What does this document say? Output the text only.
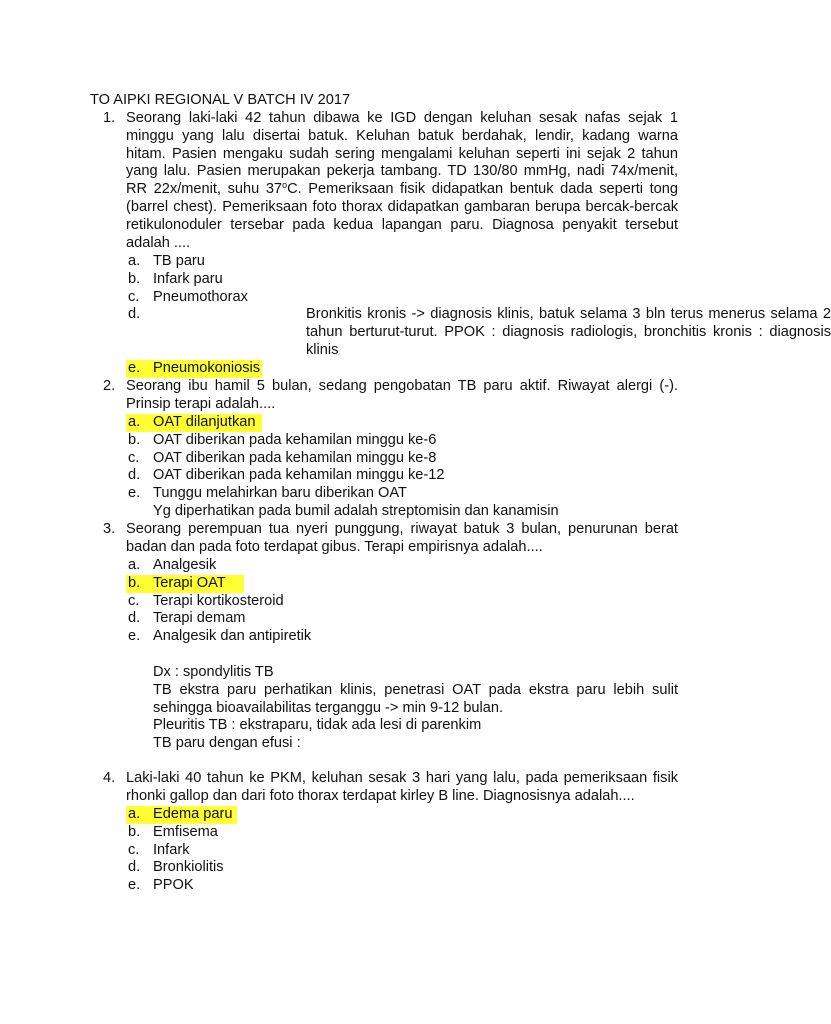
TO AIPKI REGIONAL V BATCH IV 2017
1. Seorang laki-laki 42 tahun dibawa ke IGD dengan keluhan sesak nafas sejak 1 minggu yang lalu disertai batuk. Keluhan batuk berdahak, lendir, kadang warna hitam. Pasien mengaku sudah sering mengalami keluhan seperti ini sejak 2 tahun yang lalu. Pasien merupakan pekerja tambang. TD 130/80 mmHg, nadi 74x/menit, RR 22x/menit, suhu 37$^o$C. Pemeriksaan fisik didapatkan bentuk dada seperti tong (barrel chest). Pemeriksaan foto thorax didapatkan gambaran berupa bercak-bercak retikulonoduler tersebar pada kedua lapangan paru. Diagnosa penyakit tersebut adalah ....
a. TB paru
b. Infark paru
c. Pneumothorax
d.	Bronkitis kronis -> diagnosis klinis, batuk selama 3 bln terus menerus selama 2 tahun berturut-turut. PPOK : diagnosis radiologis, bronchitis kronis : diagnosis klinis
e. Pneumokoniosis
2. Seorang ibu hamil 5 bulan, sedang pengobatan TB paru aktif. Riwayat alergi (-). Prinsip terapi adalah....
a. OAT dilanjutkan
b. OAT diberikan pada kehamilan minggu ke-6
c. OAT diberikan pada kehamilan minggu ke-8
d. OAT diberikan pada kehamilan minggu ke-12
e. Tunggu melahirkan baru diberikan OAT
Yg diperhatikan pada bumil adalah streptomisin dan kanamisin
3. Seorang perempuan tua nyeri punggung, riwayat batuk 3 bulan, penurunan berat badan dan pada foto terdapat gibus. Terapi empirisnya adalah....
a. Analgesik
b. Terapi OAT
c. Terapi kortikosteroid
d. Terapi demam
e. Analgesik dan antipiretik
Dx : spondylitis TB
TB ekstra paru perhatikan klinis, penetrasi OAT pada ekstra paru lebih sulit sehingga bioavailabilitas terganggu -> min 9-12 bulan.
Pleuritis TB : ekstraparu, tidak ada lesi di parenkim
TB paru dengan efusi :
4. Laki-laki 40 tahun ke PKM, keluhan sesak 3 hari yang lalu, pada pemeriksaan fisik rhonki gallop dan dari foto thorax terdapat kirley B line. Diagnosisnya adalah....
a. Edema paru
b. Emfisema
c. Infark
d. Bronkiolitis
e. PPOK
